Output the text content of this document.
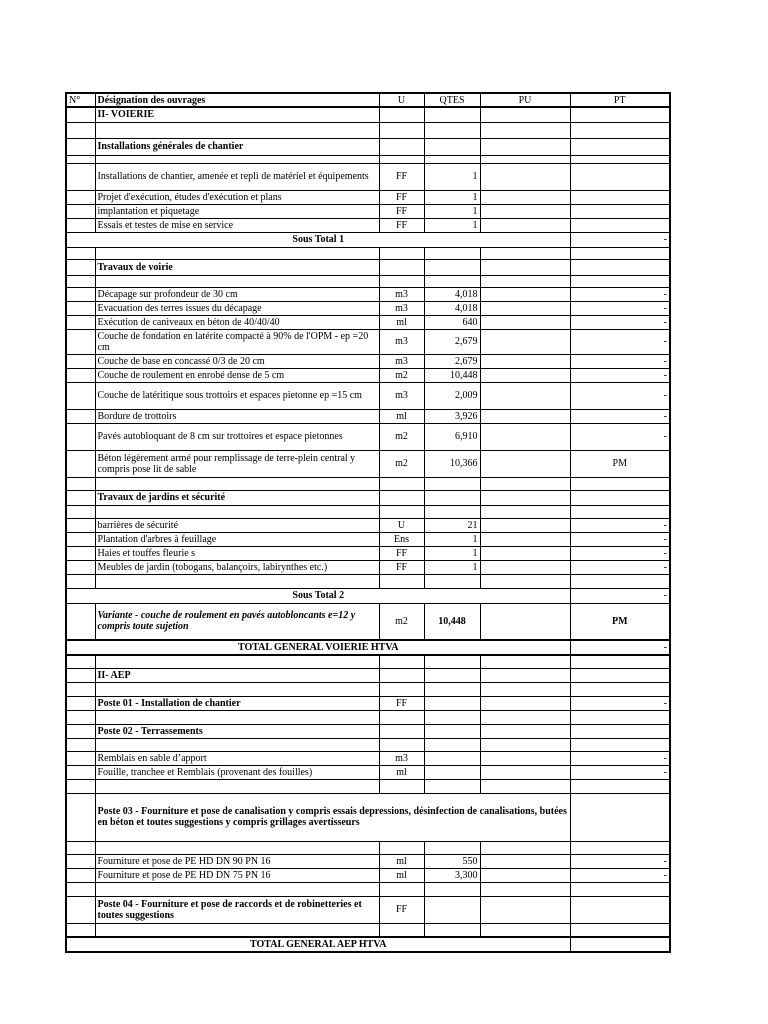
N°	Désignation des ouvrages	U	QTES	PU	PT
	II- VOIERIE				

	Installations générales de chantier				

	Installations de chantier, amenée et repli de matériel et équipements	FF	1		
	Projet d'exécution, études d'exécution et plans	FF	1		
	implantation et piquetage	FF	1		
	Essais et testes de mise en service	FF	1		
Sous Total 1					-

	Travaux de voirie				

	Décapage sur profondeur de 30 cm	m3	4,018		-
	Evacuation des terres issues du décapage	m3	4,018		-
	Exécution de caniveaux en béton de 40/40/40	ml	640		-
	Couche de fondation en latérite compacté à 90% de l'OPM - ep =20 cm	m3	2,679		-
	Couche de base en concassé 0/3 de 20 cm	m3	2,679		-
	Couche de roulement en enrobé dense de 5 cm	m2	10,448		-
	Couche de latéritique sous trottoirs et espaces pietonne ep =15 cm	m3	2,009		-
	Bordure de trottoirs	ml	3,926		-
	Pavés autobloquant de 8 cm sur trottoires et espace pietonnes	m2	6,910		-
	Béton légèrement armé pour remplissage de terre-plein central y compris pose lit de sable	m2	10,366		PM

	Travaux de jardins et sécurité				

	barrières de sécurité	U	21		-
	Plantation d'arbres à feuillage	Ens	1		-
	Haies et touffes fleurie s	FF	1		-
	Meubles de jardin (tobogans, balançoirs, labirynthes etc.)	FF	1		-

Sous Total 2					-
	Variante - couche de roulement en pavés autobloncants e=12 y compris toute sujetion	m2	10,448		PM
TOTAL GENERAL VOIERIE HTVA					-

	II- AEP				

	Poste 01 - Installation de chantier	FF			-

	Poste 02 - Terrassements				

	Remblais en sable d’apport	m3			-
	Fouille, tranchee et Remblais (provenant des fouilles)	ml			-

	Poste 03 - Fourniture et pose de canalisation y compris essais depressions, désinfection de canalisations, butées en béton et toutes suggestions y compris grillages avertisseurs				

	Fourniture et pose de PE HD DN 90 PN 16	ml	550		-
	Fourniture et pose de PE HD DN 75 PN 16	ml	3,300		-

	Poste 04 - Fourniture et pose de raccords et de robinetteries et toutes suggestions	FF			

TOTAL GENERAL AEP HTVA					
